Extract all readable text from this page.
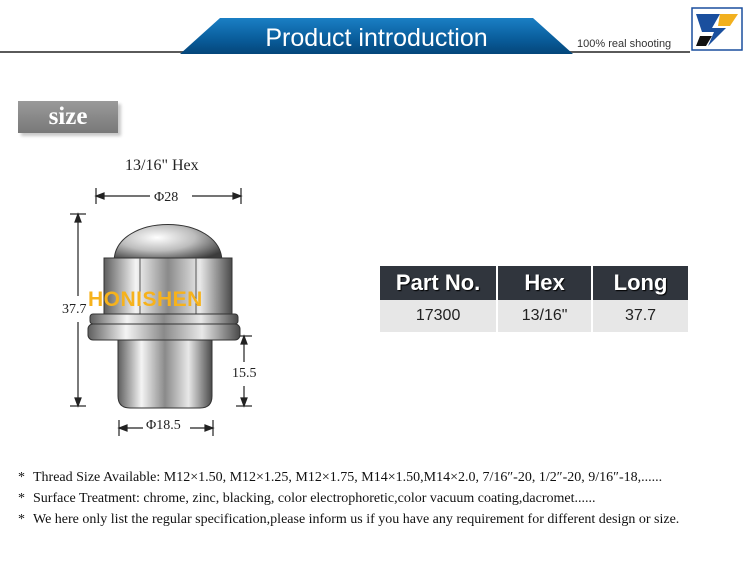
Product introduction	100% real shooting
size
13/16" Hex
Φ28
37.7
15.5
Φ18.5
HONISHEN
Part No.	Hex	Long
17300	13/16"	37.7
* Thread Size Available: M12×1.50, M12×1.25, M12×1.75, M14×1.50,M14×2.0, 7/16″-20, 1/2″-20, 9/16″-18,......
* Surface Treatment: chrome, zinc, blacking, color electrophoretic,color vacuum coating,dacromet......
* We here only list the regular specification,please inform us if you have any requirement for different design or size.
